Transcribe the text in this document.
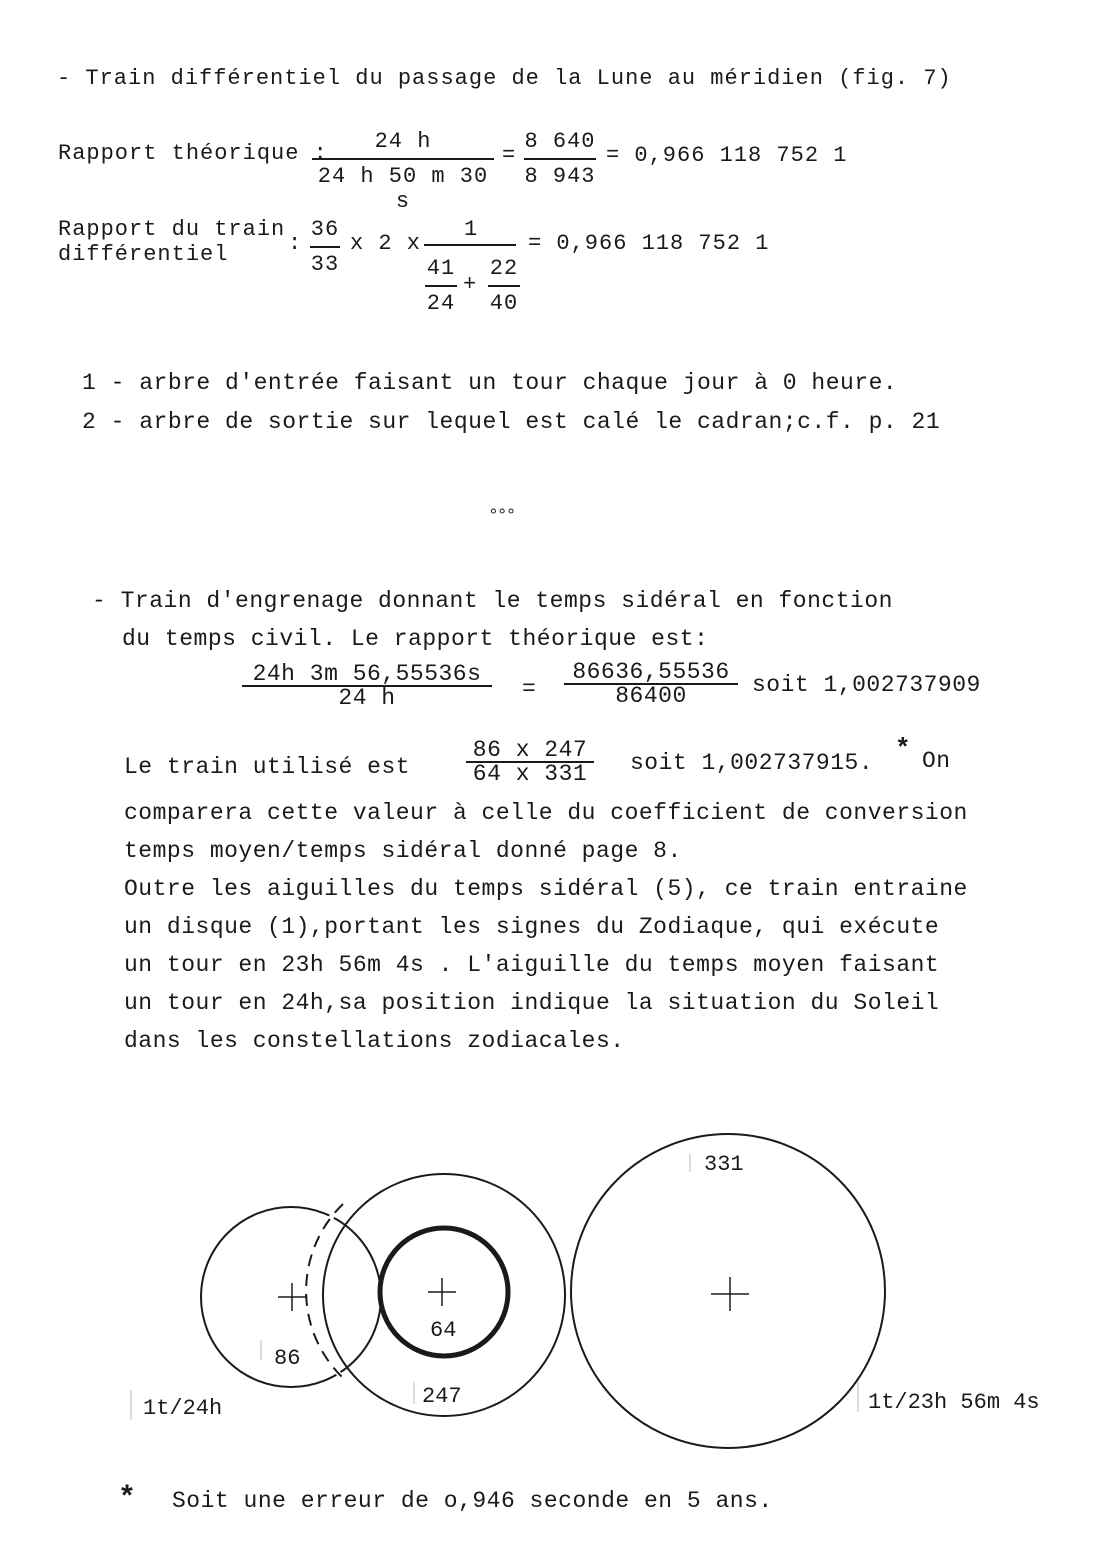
- Train différentiel du passage de la Lune au méridien (fig. 7)
Rapport théorique :	24 h
24 h 50 m 30 s
=
8 640
8 943
= 0,966 118 752 1
Rapport du train
différentiel	:
36
33
x 2 x
1
41
24
+
22
40
= 0,966 118 752 1
1 - arbre d'entrée faisant un tour chaque jour à 0 heure.
2 - arbre de sortie sur lequel est calé le cadran;c.f. p. 21
°°°
- Train d'engrenage donnant le temps sidéral en fonction
du temps civil. Le rapport théorique est:
24h 3m 56,55536s
24 h	=
86636,55536
86400	soit 1,002737909
Le train utilisé est
86 x 247
64 x 331 soit 1,002737915. * On
comparera cette valeur à celle du coefficient de conversion
temps moyen/temps sidéral donné page 8.
Outre les aiguilles du temps sidéral (5), ce train entraine
un disque (1),portant les signes du Zodiaque, qui exécute
un tour en 23h 56m 4s . L'aiguille du temps moyen faisant
un tour en 24h,sa position indique la situation du Soleil
dans les constellations zodiacales.
86
64
247
331
1t/24h	1t/23h 56m 4s
* Soit une erreur de o,946 seconde en 5 ans.
